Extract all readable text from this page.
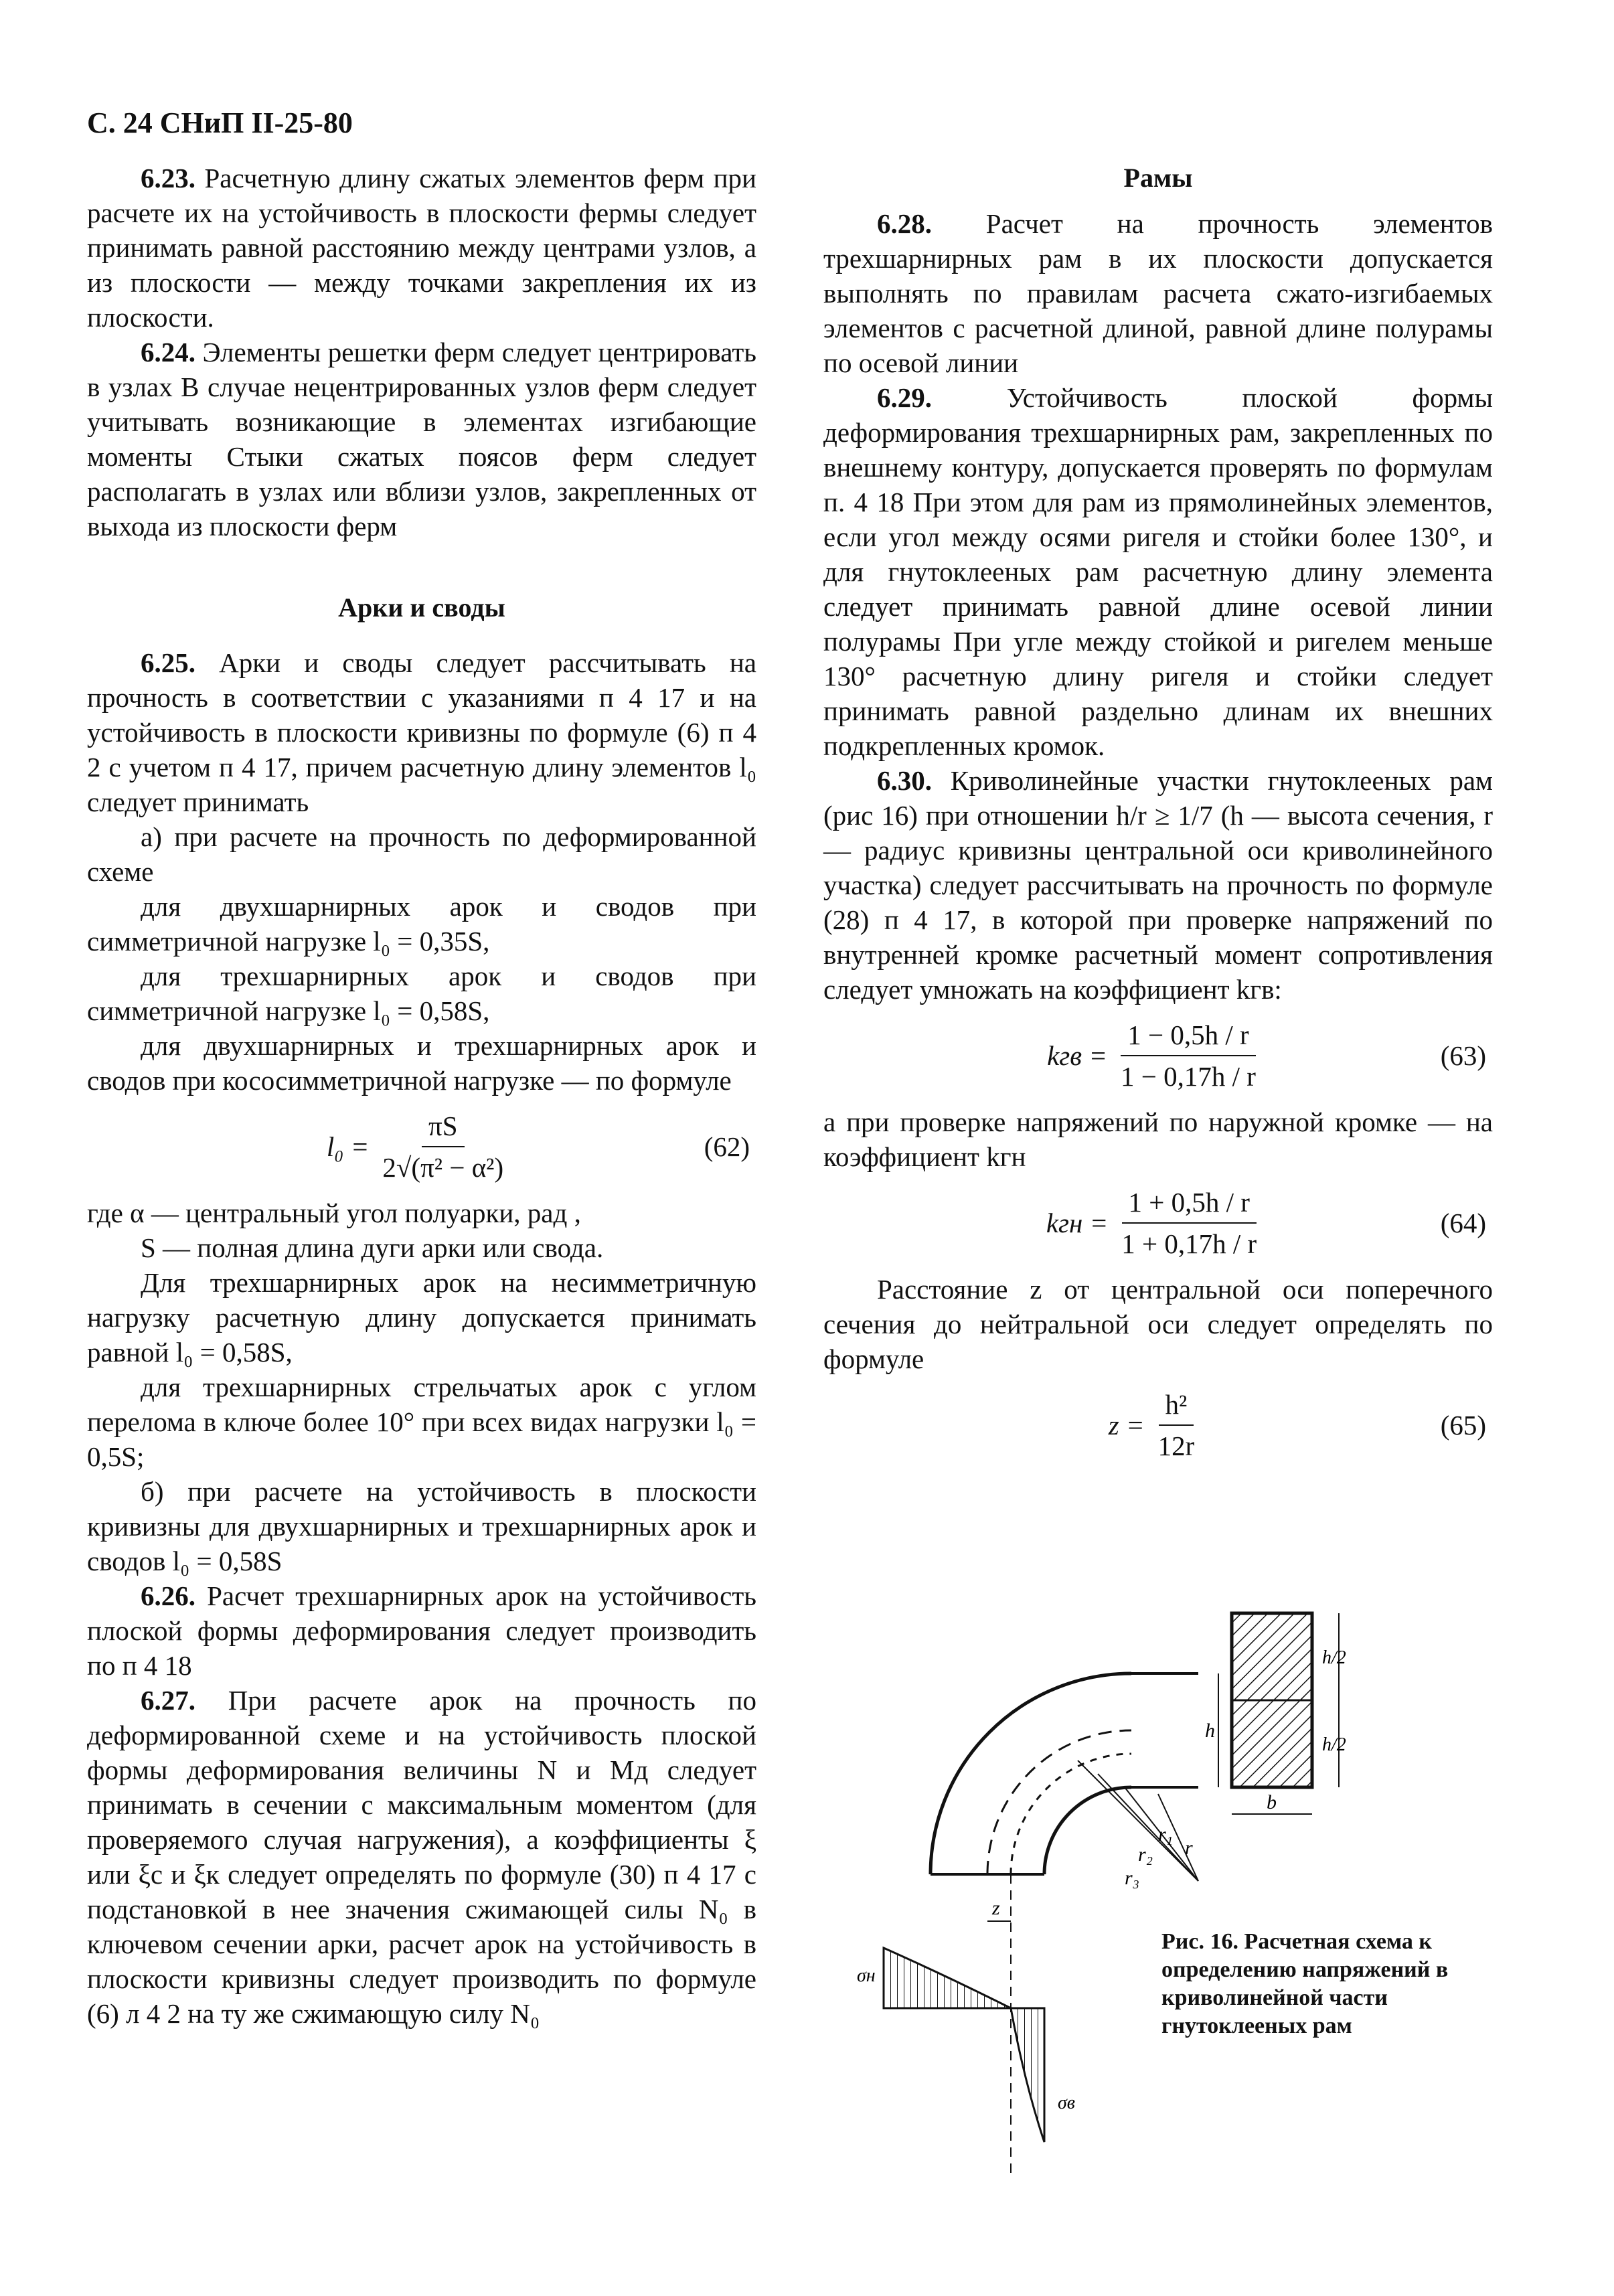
С. 24 СНиП II-25-80

6.23. Расчетную длину сжатых элементов ферм при расчете их на устойчивость в плоскости фермы следует принимать равной расстоянию между центрами узлов, а из плоскости — между точками закрепления их из плоскости.

6.24. Элементы решетки ферм следует центрировать в узлах В случае нецентрированных узлов ферм следует учитывать возникающие в элементах изгибающие моменты Стыки сжатых поясов ферм следует располагать в узлах или вблизи узлов, закрепленных от выхода из плоскости ферм

Арки и своды

6.25. Арки и своды следует рассчитывать на прочность в соответствии с указаниями п 4 17 и на устойчивость в плоскости кривизны по формуле (6) п 4 2 с учетом п 4 17, причем расчетную длину элементов l₀ следует принимать

а) при расчете на прочность по деформированной схеме

для двухшарнирных арок и сводов при симметричной нагрузке l₀ = 0,35S,

для трехшарнирных арок и сводов при симметричной нагрузке l₀ = 0,58S,

для двухшарнирных и трехшарнирных арок и сводов при кососимметричной нагрузке — по формуле

$l_0 = \frac{\pi S}{\text{2√(π² − α²)}}$	(62)

где α — центральный угол полуарки, рад ,

S — полная длина дуги арки или свода.

Для трехшарнирных арок на несимметричную нагрузку расчетную длину допускается принимать равной l₀ = 0,58S,

для трехшарнирных стрельчатых арок с углом перелома в ключе более 10° при всех видах нагрузки l₀ = 0,5S;

б) при расчете на устойчивость в плоскости кривизны для двухшарнирных и трехшарнирных арок и сводов l₀ = 0,58S

6.26. Расчет трехшарнирных арок на устойчивость плоской формы деформирования следует производить по п 4 18

6.27. При расчете арок на прочность по деформированной схеме и на устойчивость плоской формы деформирования величины N и Mд следует принимать в сечении с максимальным моментом (для проверяемого случая нагружения), а коэффициенты ξ или ξc и ξк следует определять по формуле (30) п 4 17 с подстановкой в нее значения сжимающей силы N₀ в ключевом сечении арки, расчет арок на устойчивость в плоскости кривизны следует производить по формуле (6) л 4 2 на ту же сжимающую силу N₀

Рамы

6.28. Расчет на прочность элементов трехшарнирных рам в их плоскости допускается выполнять по правилам расчета сжато-изгибаемых элементов с расчетной длиной, равной длине полурамы по осевой линии

6.29. Устойчивость плоской формы деформирования трехшарнирных рам, закрепленных по внешнему контуру, допускается проверять по формулам п. 4 18 При этом для рам из прямолинейных элементов, если угол между осями ригеля и стойки более 130°, и для гнутоклееных рам расчетную длину элемента следует принимать равной длине осевой линии полурамы При угле между стойкой и ригелем меньше 130° расчетную длину ригеля и стойки следует принимать равной раздельно длинам их внешних подкрепленных кромок.

6.30. Криволинейные участки гнутоклееных рам (рис 16) при отношении h/r ≥ 1/7 (h — высота сечения, r — радиус кривизны центральной оси криволинейного участка) следует рассчитывать на прочность по формуле (28) п 4 17, в которой при проверке напряжений по внутренней кромке расчетный момент сопротивления следует умножать на коэффициент kгв:

kгв = $\frac{1 - 0,5h / r}{1 - 0,17h / r}$	(63)

а при проверке напряжений по наружной кромке — на коэффициент kгн

kгн = $\frac{1 + 0,5h / r}{1 + 0,17h / r}$	(64)

Расстояние z от центральной оси поперечного сечения до нейтральной оси следует определять по формуле

$z = \frac{\text{h²}}{12r}$	(65)
h
r
r₁
r₂
r₃
h/2
h/2
b
z
σн
σв
Рис. 16. Расчетная схема к определению напряжений в криволинейной части гнутоклееных рам
